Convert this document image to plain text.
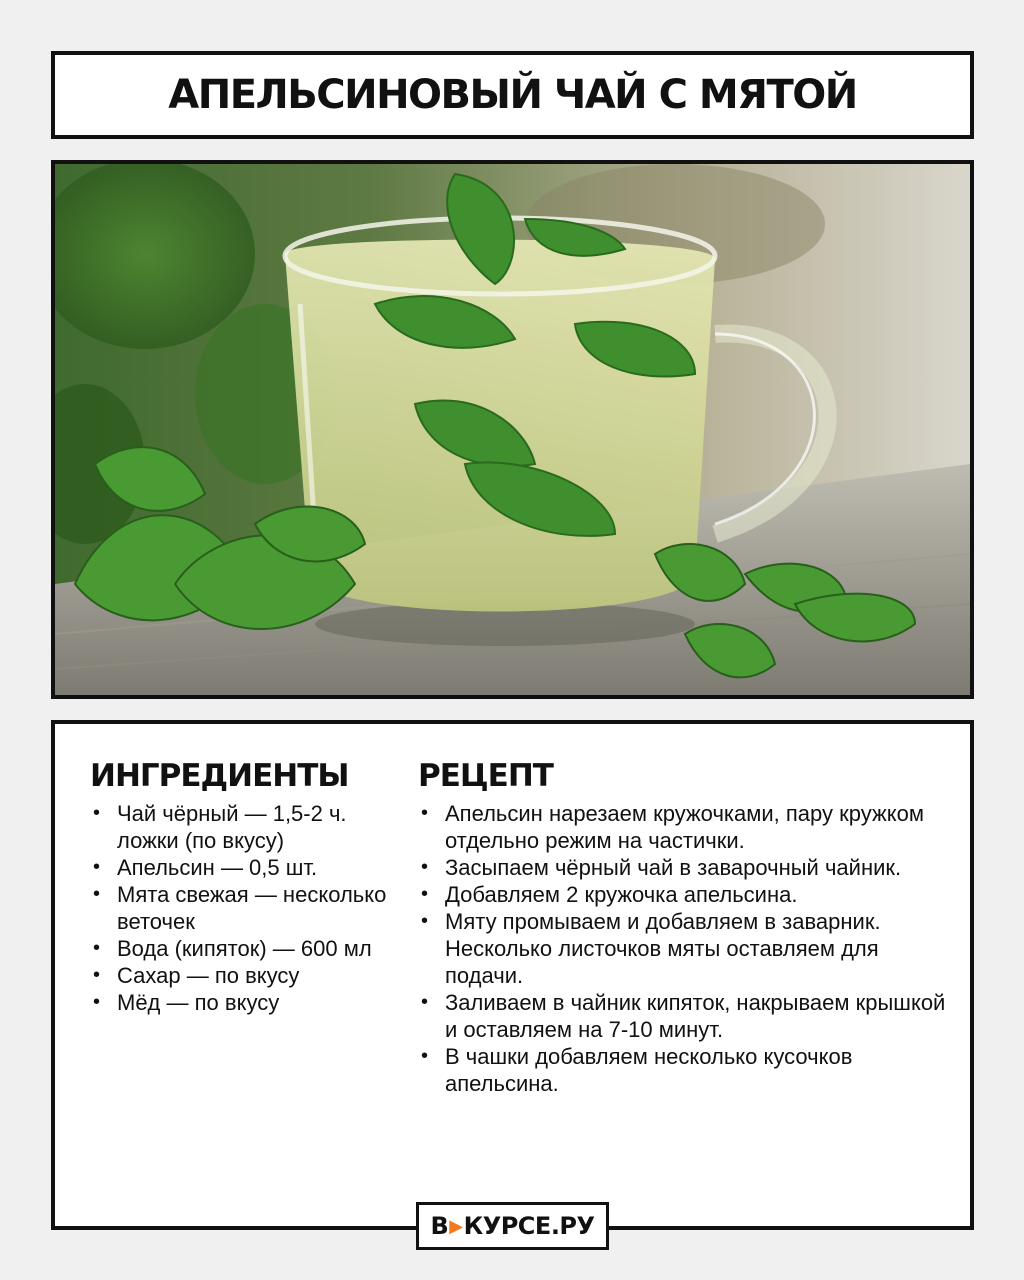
АПЕЛЬСИНОВЫЙ ЧАЙ С МЯТОЙ
ИНГРЕДИЕНТЫ
• Чай чёрный — 1,5-2 ч. ложки (по вкусу)
• Апельсин — 0,5 шт.
• Мята свежая — несколько веточек
• Вода (кипяток) — 600 мл
• Сахар — по вкусу
• Мёд — по вкусу
РЕЦЕПТ
• Апельсин нарезаем кружочками, пару кружком отдельно режим на частички.
• Засыпаем чёрный чай в заварочный чайник.
• Добавляем 2 кружочка апельсина.
• Мяту промываем и добавляем в заварник. Несколько листочков мяты оставляем для подачи.
• Заливаем в чайник кипяток, накрываем крышкой и оставляем на 7-10 минут.
• В чашки добавляем несколько кусочков апельсина.
В ▶ КУРСЕ.РУ
